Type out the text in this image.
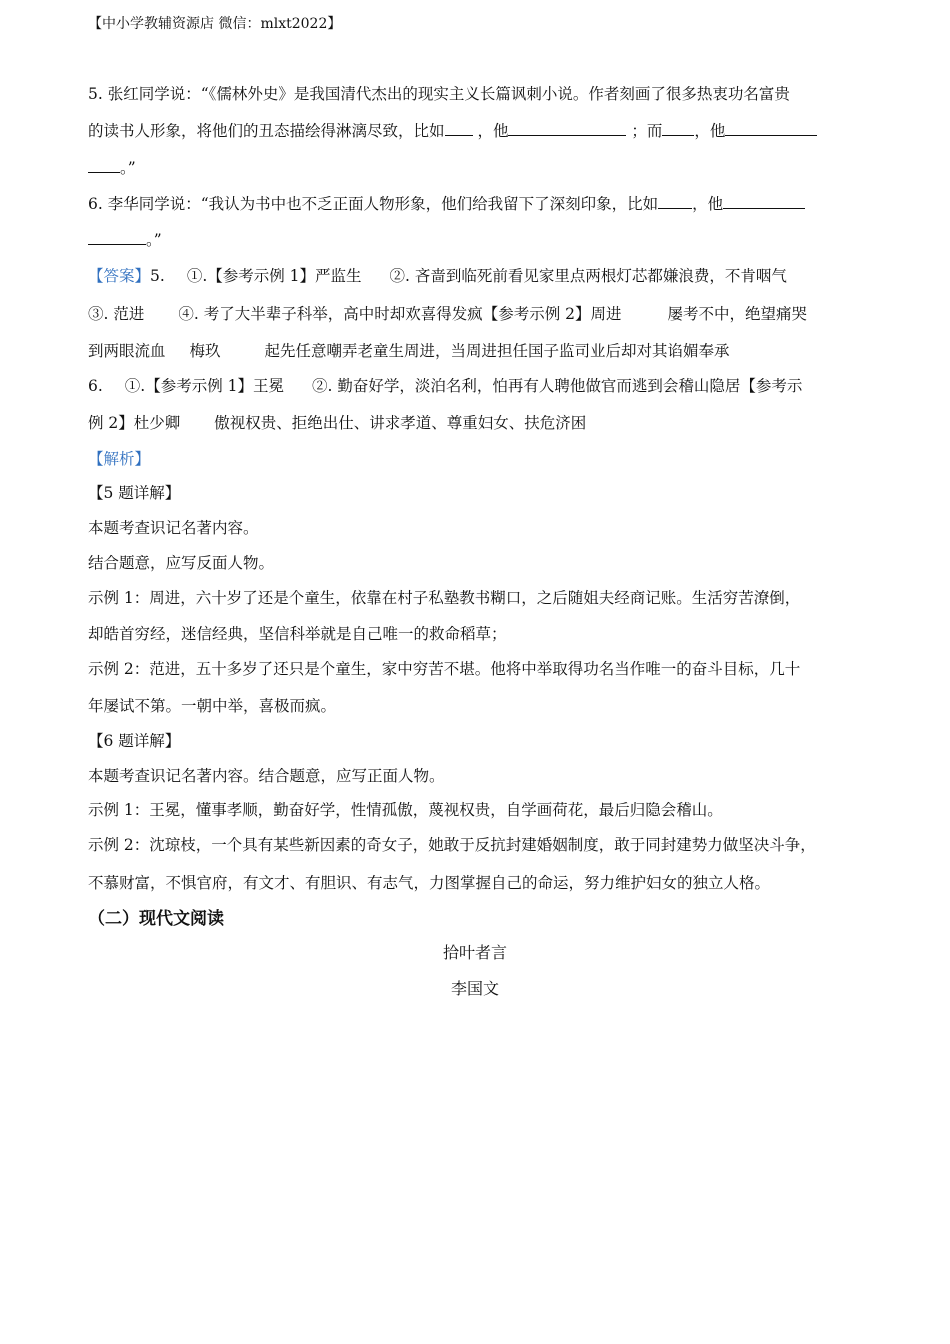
【中小学教辅资源店 微信：mlxt2022】
5. 张红同学说：“《儒林外史》是我国清代杰出的现实主义长篇讽刺小说。作者刻画了很多热衷功名富贵
的读书人形象，将他们的丑态描绘得淋漓尽致，比如 ，他	；而 ，他
。”
6. 李华同学说：“我认为书中也不乏正面人物形象，他们给我留下了深刻印象，比如 ，他
。”
【答案】5. ①.【参考示例 1】严监生 ②. 吝啬到临死前看见家里点两根灯芯都嫌浪费，不肯咽气
③. 范进 ④. 考了大半辈子科举，高中时却欢喜得发疯【参考示例 2】周进	屡考不中，绝望痛哭
到两眼流血 梅玖	起先任意嘲弄老童生周进，当周进担任国子监司业后却对其谄媚奉承
6. ①.【参考示例 1】王冕 ②. 勤奋好学，淡泊名利，怕再有人聘他做官而逃到会稽山隐居【参考示
例 2】杜少卿 傲视权贵、拒绝出仕、讲求孝道、尊重妇女、扶危济困
【解析】
【5 题详解】
本题考查识记名著内容。
结合题意，应写反面人物。
示例 1：周进，六十岁了还是个童生，依靠在村子私塾教书糊口，之后随姐夫经商记账。生活穷苦潦倒，
却皓首穷经，迷信经典，坚信科举就是自己唯一的救命稻草；
示例 2：范进，五十多岁了还只是个童生，家中穷苦不堪。他将中举取得功名当作唯一的奋斗目标，几十
年屡试不第。一朝中举，喜极而疯。
【6 题详解】
本题考查识记名著内容。结合题意，应写正面人物。
示例 1：王冕，懂事孝顺，勤奋好学，性情孤傲，蔑视权贵，自学画荷花，最后归隐会稽山。
示例 2：沈琼枝，一个具有某些新因素的奇女子，她敢于反抗封建婚姻制度，敢于同封建势力做坚决斗争，
不慕财富，不惧官府，有文才、有胆识、有志气，力图掌握自己的命运，努力维护妇女的独立人格。
（二）现代文阅读
拾叶者言
李国文
